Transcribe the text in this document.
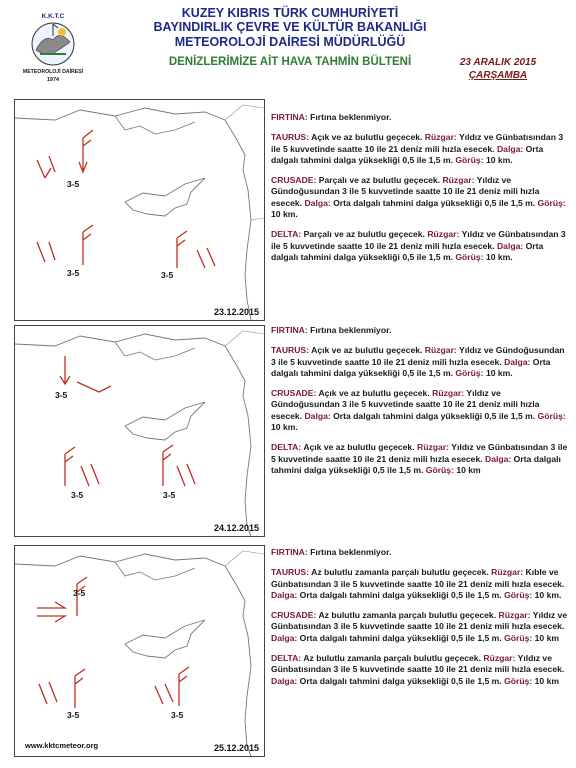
K.K.T.C
METEOROLOJİ DAİRESİ
1974
KUZEY KIBRIS TÜRK CUMHURİYETİ
BAYINDIRLIK ÇEVRE VE KÜLTÜR BAKANLIĞI
METEOROLOJİ DAİRESİ MÜDÜRLÜĞÜ
DENİZLERİMİZE AİT HAVA TAHMİN BÜLTENİ	23 ARALIK 2015
ÇARŞAMBA
3-5
3-5	3-5
23.12.2015

FIRTINA: Fırtına beklenmiyor.

TAURUS: Açık ve az bulutlu geçecek. Rüzgar: Yıldız ve Günbatısından 3 ile 5 kuvvetinde saatte 10 ile 21 deniz mili hızla esecek. Dalga: Orta dalgalı tahmini dalga yüksekliği 0,5 ile 1,5 m. Görüş: 10 km.

CRUSADE: Parçalı ve az bulutlu geçecek. Rüzgar: Yıldız ve Gündoğusundan 3 ile 5 kuvvetinde saatte 10 ile 21 deniz mili hızla esecek. Dalga: Orta dalgalı tahmini dalga yüksekliği 0,5 ile 1,5 m. Görüş: 10 km.

DELTA: Parçalı ve az bulutlu geçecek. Rüzgar: Yıldız ve Günbatısından 3 ile 5 kuvvetinde saatte 10 ile 21 deniz mili hızla esecek. Dalga: Orta dalgalı tahmini dalga yüksekliği 0,5 ile 1,5 m. Görüş: 10 km.

3-5
3-5	3-5
24.12.2015

FIRTINA: Fırtına beklenmiyor.

TAURUS: Açık ve az bulutlu geçecek. Rüzgar: Yıldız ve Gündoğusundan 3 ile 5 kuvvetinde saatte 10 ile 21 deniz mili hızla esecek. Dalga: Orta dalgalı tahmini dalga yüksekliği 0,5 ile 1,5 m. Görüş: 10 km.

CRUSADE: Açık ve az bulutlu geçecek. Rüzgar: Yıldız ve Gündoğusundan 3 ile 5 kuvvetinde saatte 10 ile 21 deniz mili hızla esecek. Dalga: Orta dalgalı tahmini dalga yüksekliği 0,5 ile 1,5 m. Görüş: 10 km.

DELTA: Açık ve az bulutlu geçecek. Rüzgar: Yıldız ve Günbatısından 3 ile 5 kuvvetinde saatte 10 ile 21 deniz mili hızla esecek. Dalga: Orta dalgalı tahmini dalga yüksekliği 0,5 ile 1,5 m. Görüş: 10 km

3-5
3-5	3-5
www.kktcmeteor.org	25.12.2015

FIRTINA: Fırtına beklenmiyor.

TAURUS: Az bulutlu zamanla parçalı bulutlu geçecek. Rüzgar: Kıble ve Günbatısından 3 ile 5 kuvvetinde saatte 10 ile 21 deniz mili hızla esecek. Dalga: Orta dalgalı tahmini dalga yüksekliği 0,5 ile 1,5 m. Görüş: 10 km.

CRUSADE: Az bulutlu zamanla parçalı bulutlu geçecek. Rüzgar: Yıldız ve Günbatısından 3 ile 5 kuvvetinde saatte 10 ile 21 deniz mili hızla esecek. Dalga: Orta dalgalı tahmini dalga yüksekliği 0,5 ile 1,5 m. Görüş: 10 km

DELTA: Az bulutlu zamanla parçalı bulutlu geçecek. Rüzgar: Yıldız ve Günbatısından 3 ile 5 kuvvetinde saatte 10 ile 21 deniz mili hızla esecek. Dalga: Orta dalgalı tahmini dalga yüksekliği 0,5 ile 1,5 m. Görüş: 10 km
